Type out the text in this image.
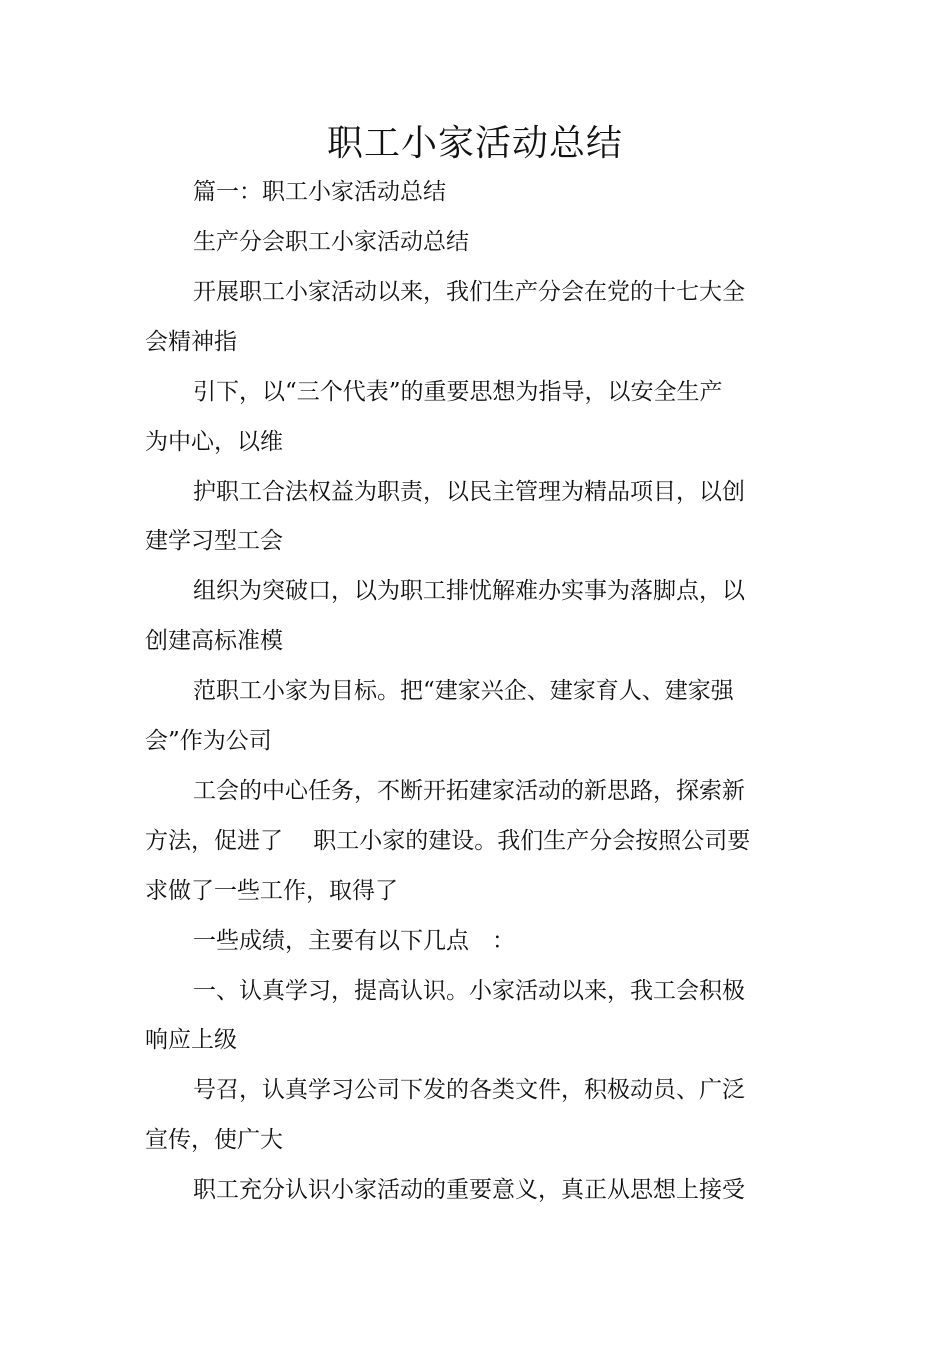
职工小家活动总结

篇一：职工小家活动总结

生产分会职工小家活动总结

开展职工小家活动以来，我们生产分会在党的十七大全

会精神指

引下，以“三个代表”的重要思想为指导，以安全生产

为中心，以维

护职工合法权益为职责，以民主管理为精品项目，以创

建学习型工会

组织为突破口，以为职工排忧解难办实事为落脚点，以

创建高标准模

范职工小家为目标。把“建家兴企、建家育人、建家强

会”作为公司

工会的中心任务，不断开拓建家活动的新思路，探索新

方法，促进了　 职工小家的建设。我们生产分会按照公司要

求做了一些工作，取得了

一些成绩，主要有以下几点　：

一、认真学习，提高认识。小家活动以来，我工会积极

响应上级

号召，认真学习公司下发的各类文件，积极动员、广泛

宣传，使广大

职工充分认识小家活动的重要意义，真正从思想上接受
